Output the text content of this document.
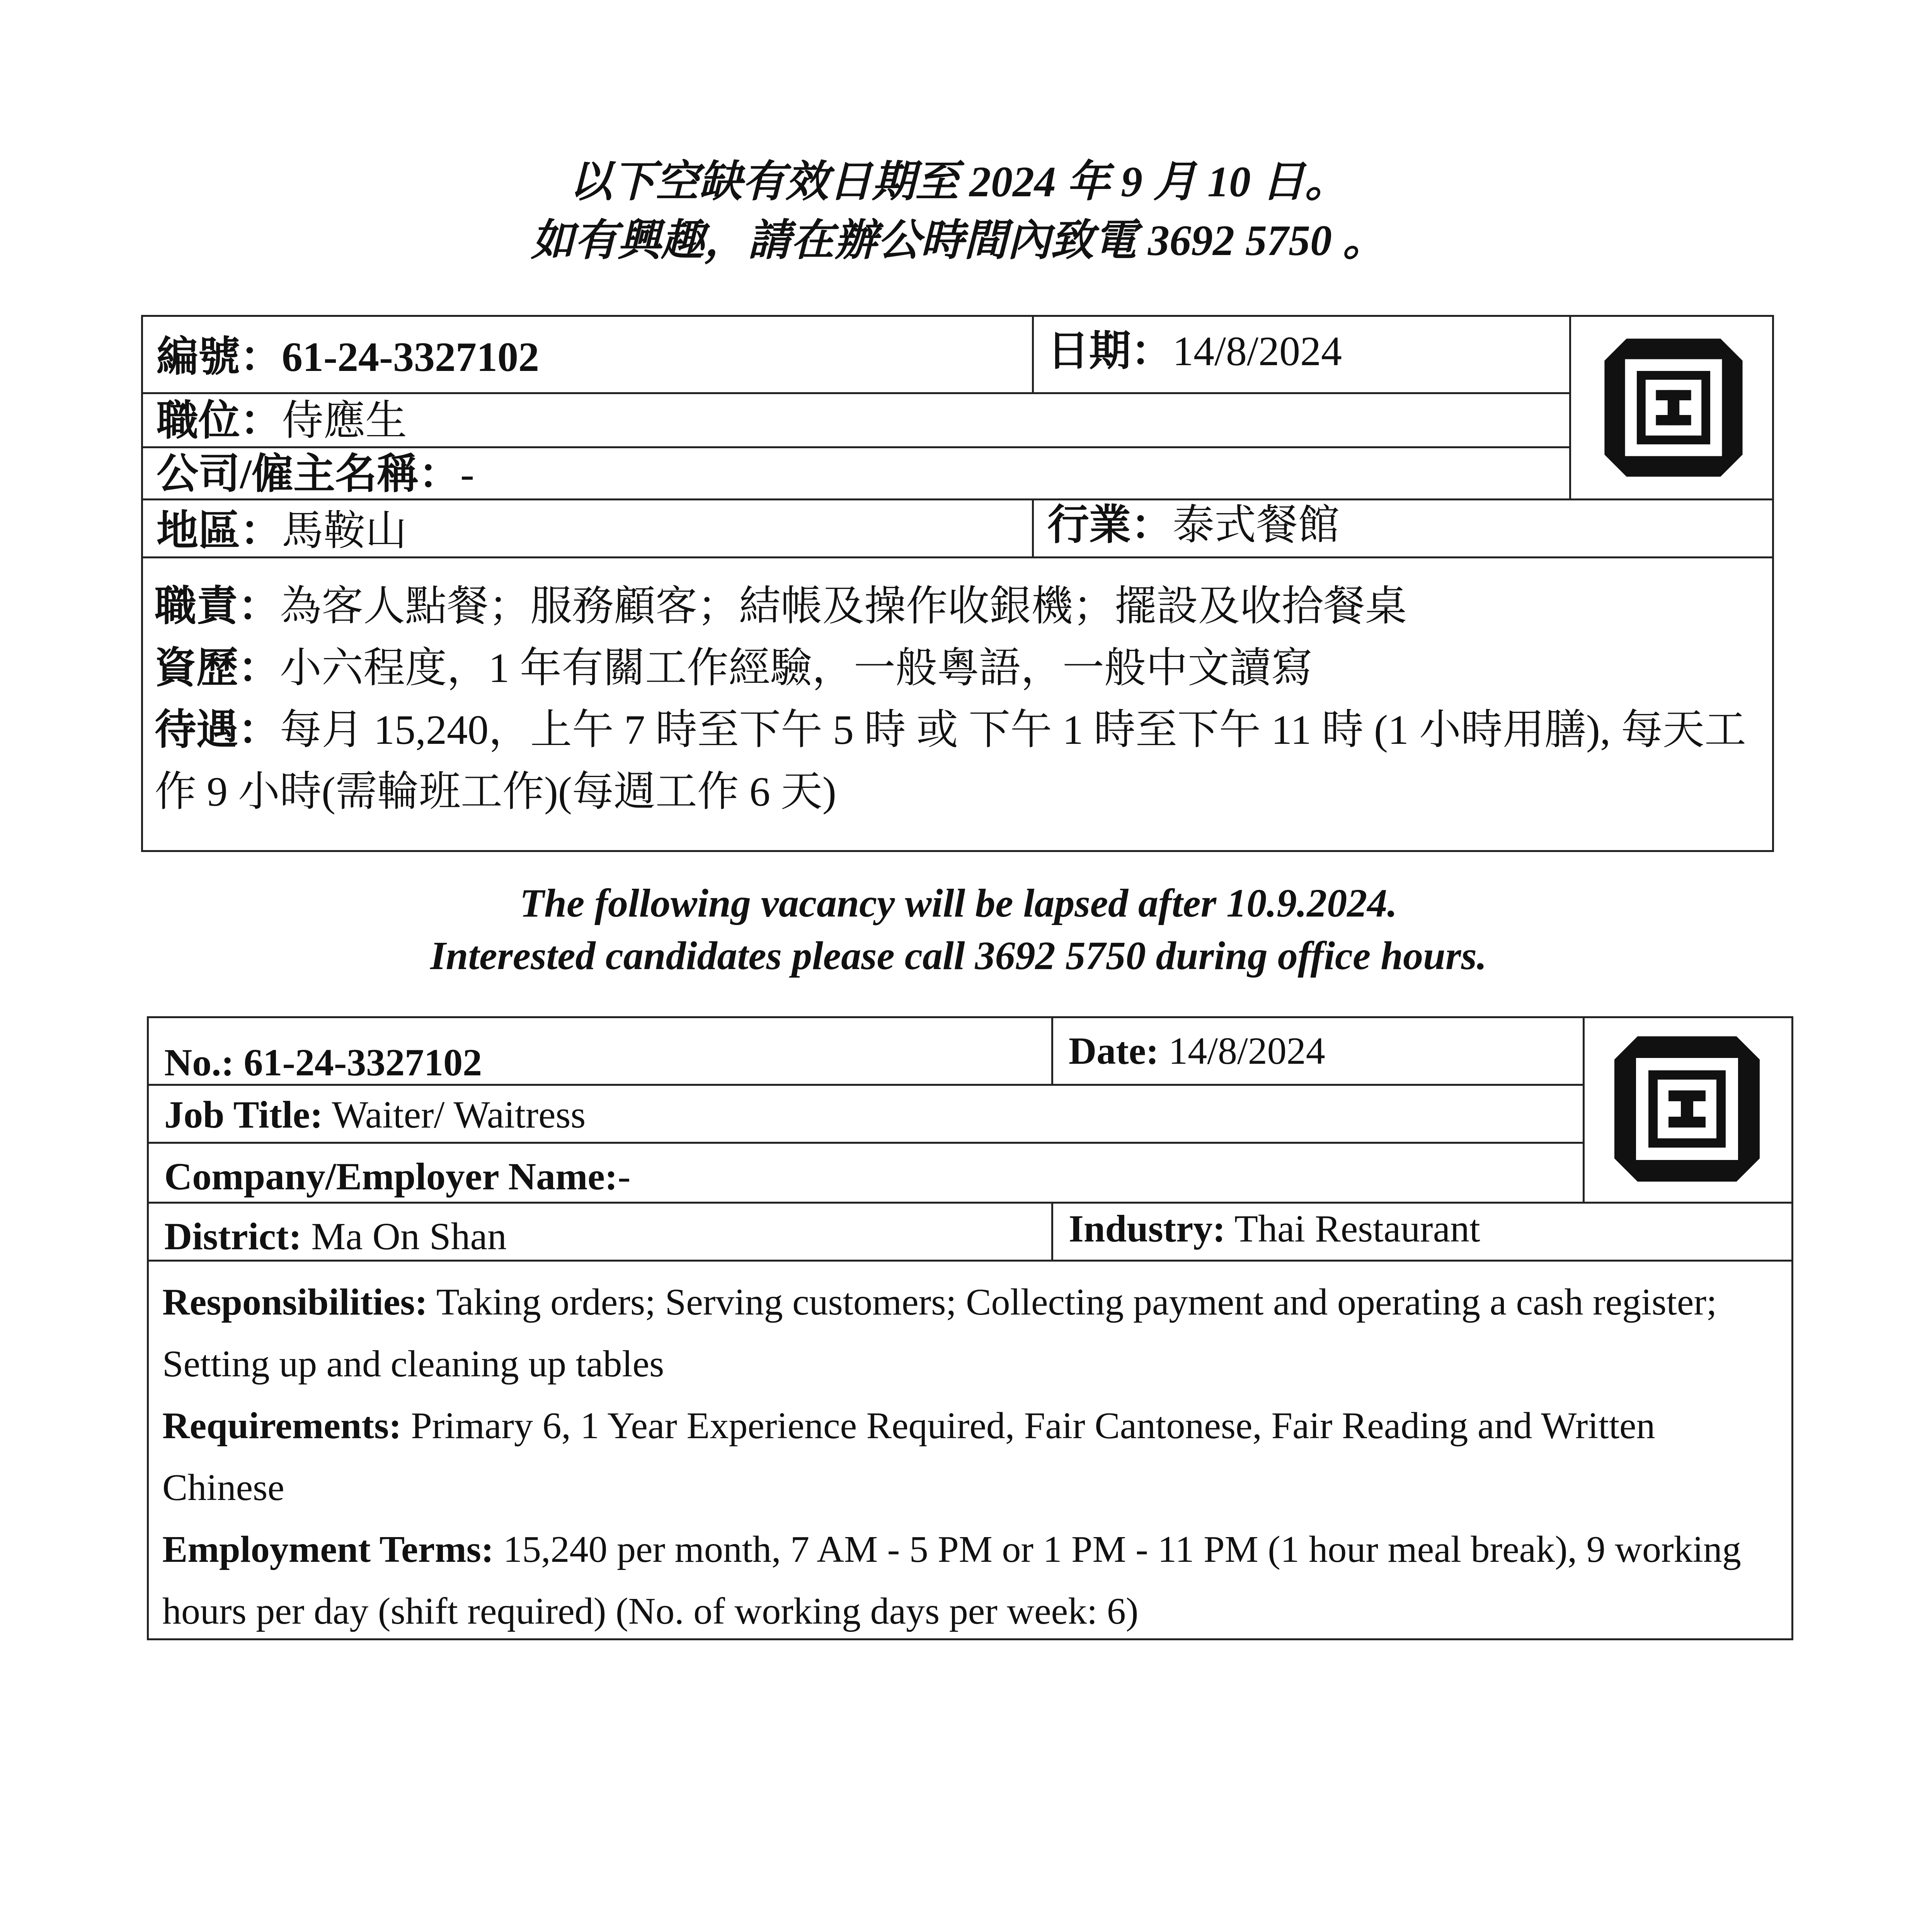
以下空缺有效日期至 2024 年 9 月 10 日。
如有興趣，請在辦公時間內致電 3692 5750 。
編號：61-24-3327102	日期：14/8/2024
職位：侍應生
公司/僱主名稱：-
地區：馬鞍山	行業：泰式餐館

職責：為客人點餐；服務顧客；結帳及操作收銀機；擺設及收拾餐桌

資歷：小六程度，1 年有關工作經驗，一般粵語，一般中文讀寫

待遇：每月 15,240，上午 7 時至下午 5 時 或 下午 1 時至下午 11 時 (1 小時用膳), 每天工作 9 小時(需輪班工作)(每週工作 6 天)

The following vacancy will be lapsed after 10.9.2024.
Interested candidates please call 3692 5750 during office hours.
No.: 61-24-3327102	Date: 14/8/2024
Job Title: Waiter/ Waitress
Company/Employer Name:-
District: Ma On Shan	Industry: Thai Restaurant

Responsibilities: Taking orders; Serving customers; Collecting payment and operating a cash register; Setting up and cleaning up tables

Requirements: Primary 6, 1 Year Experience Required, Fair Cantonese, Fair Reading and Written Chinese

Employment Terms: 15,240 per month, 7 AM - 5 PM or 1 PM - 11 PM (1 hour meal break), 9 working hours per day (shift required) (No. of working days per week: 6)
